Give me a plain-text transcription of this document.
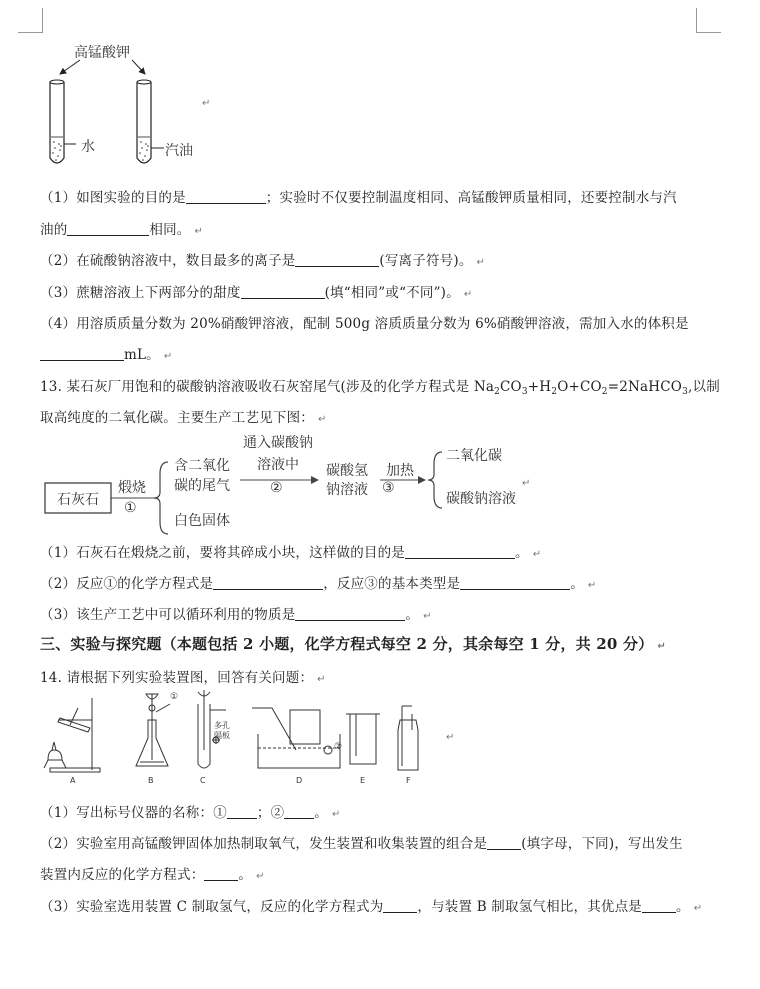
高锰酸钾
水	汽油
↵
（1）如图实验的目的是	；实验时不仅要控制温度相同、高锰酸钾质量相同，还要控制水与汽
油的	相同。 ↵
（2）在硫酸钠溶液中，数目最多的离子是	(写离子符号)。 ↵
（3）蔗糖溶液上下两部分的甜度	(填“相同”或“不同”)。 ↵
（4）用溶质质量分数为 20%硝酸钾溶液，配制 500g 溶质质量分数为 6%硝酸钾溶液，需加入水的体积是
mL。 ↵
13. 某石灰厂用饱和的碳酸钠溶液吸收石灰窑尾气(涉及的化学方程式是 $Na_2CO_3+H_2O+CO_2=2NaHCO_3$,以制
取高纯度的二氧化碳。主要生产工艺见下图： ↵
石灰石
煅烧
①
含二氧化
碳的尾气
白色固体
通入碳酸钠
溶液中
②
碳酸氢
钠溶液
加热
③
二氧化碳
碳酸钠溶液
↵
（1）石灰石在煅烧之前，要将其碎成小块，这样做的目的是	。 ↵
（2）反应①的化学方程式是	，反应③的基本类型是	。 ↵
（3）该生产工艺中可以循环利用的物质是	。 ↵
三、实验与探究题（本题包括 2 小题，化学方程式每空 2 分，其余每空 1 分，共 20 分） ↵
14. 请根据下列实验装置图，回答有关问题： ↵
①
②
多孔
隔板
A	B	C	D	E	F
↵
（1）写出标号仪器的名称：① ；② 。 ↵
（2）实验室用高锰酸钾固体加热制取氧气，发生装置和收集装置的组合是	(填字母，下同)，写出发生
装置内反应的化学方程式：	。 ↵
（3）实验室选用装置 C 制取氢气，反应的化学方程式为	，与装置 B 制取氢气相比，其优点是	。 ↵
